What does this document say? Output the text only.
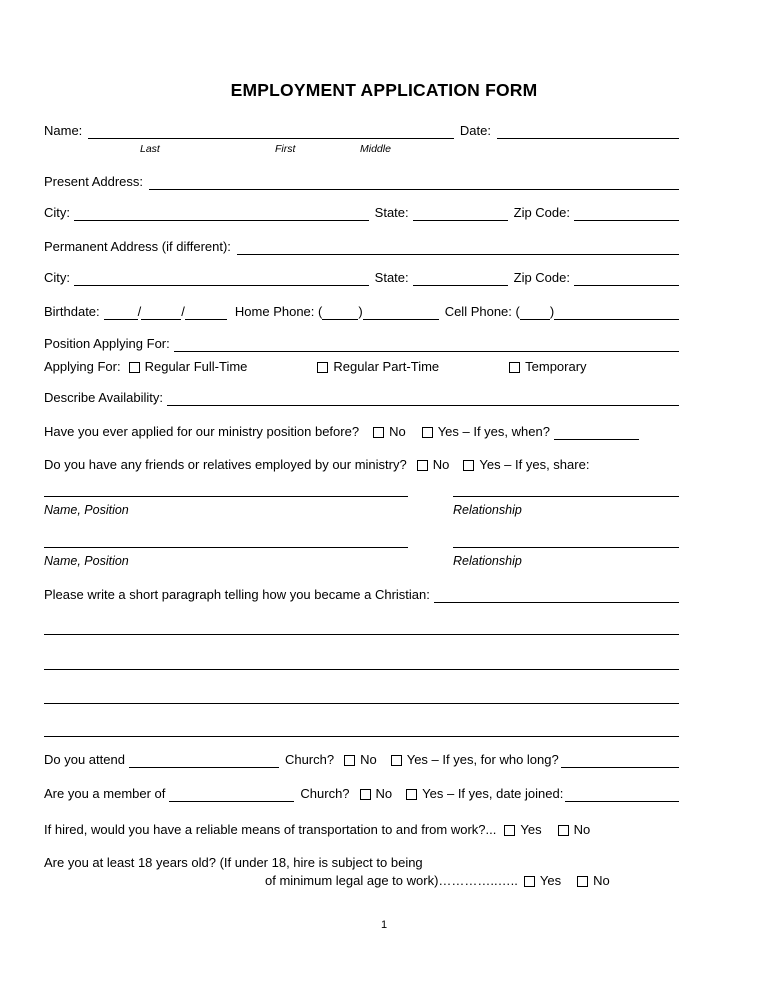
EMPLOYMENT APPLICATION FORM
Name:	Date:
Last	First	Middle
Present Address:
City:	State:	Zip Code:
Permanent Address (if different):
City:	State:	Zip Code:
Birthdate:	/	/	Home Phone: (	)	Cell Phone: ( )
Position Applying For:
Applying For: Regular Full-Time	Regular Part-Time	Temporary
Describe Availability:
Have you ever applied for our ministry position before? No Yes – If yes, when?
Do you have any friends or relatives employed by our ministry? No Yes – If yes, share:
Name, Position	Relationship
Name, Position	Relationship
Please write a short paragraph telling how you became a Christian:
Do you attend	Church? No Yes – If yes, for who long?
Are you a member of	Church? No Yes – If yes, date joined:
If hired, would you have a reliable means of transportation to and from work?... Yes No
Are you at least 18 years old? (If under 18, hire is subject to being
of minimum legal age to work)…………..….. Yes No
1
